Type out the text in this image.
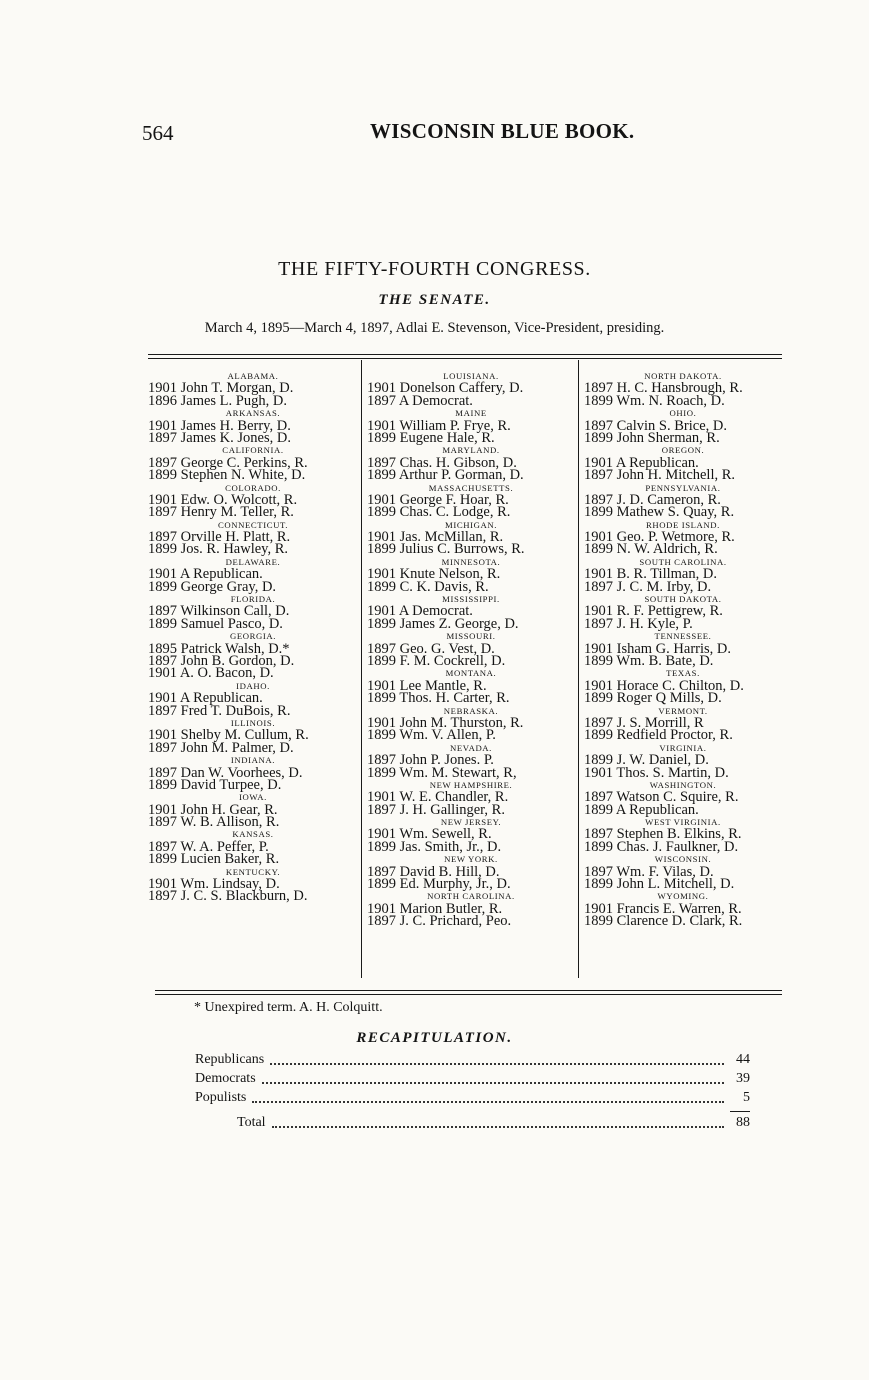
564	WISCONSIN BLUE BOOK.
THE FIFTY-FOURTH CONGRESS.
THE SENATE.
March 4, 1895—March 4, 1897, Adlai E. Stevenson, Vice-President, presiding.
ALABAMA.
1901 John T. Morgan, D.
1896 James L. Pugh, D.
ARKANSAS.
1901 James H. Berry, D.
1897 James K. Jones, D.
CALIFORNIA.
1897 George C. Perkins, R.
1899 Stephen N. White, D.
COLORADO.
1901 Edw. O. Wolcott, R.
1897 Henry M. Teller, R.
CONNECTICUT.
1897 Orville H. Platt, R.
1899 Jos. R. Hawley, R.
DELAWARE.
1901 A Republican.
1899 George Gray, D.
FLORIDA.
1897 Wilkinson Call, D.
1899 Samuel Pasco, D.
GEORGIA.
1895 Patrick Walsh, D.*
1897 John B. Gordon, D.
1901 A. O. Bacon, D.
IDAHO.
1901 A Republican.
1897 Fred T. DuBois, R.
ILLINOIS.
1901 Shelby M. Cullum, R.
1897 John M. Palmer, D.
INDIANA.
1897 Dan W. Voorhees, D.
1899 David Turpee, D.
IOWA.
1901 John H. Gear, R.
1897 W. B. Allison, R.
KANSAS.
1897 W. A. Peffer, P.
1899 Lucien Baker, R.
KENTUCKY.
1901 Wm. Lindsay, D.
1897 J. C. S. Blackburn, D.
LOUISIANA.
1901 Donelson Caffery, D.
1897 A Democrat.
MAINE
1901 William P. Frye, R.
1899 Eugene Hale, R.
MARYLAND.
1897 Chas. H. Gibson, D.
1899 Arthur P. Gorman, D.
MASSACHUSETTS.
1901 George F. Hoar, R.
1899 Chas. C. Lodge, R.
MICHIGAN.
1901 Jas. McMillan, R.
1899 Julius C. Burrows, R.
MINNESOTA.
1901 Knute Nelson, R.
1899 C. K. Davis, R.
MISSISSIPPI.
1901 A Democrat.
1899 James Z. George, D.
MISSOURI.
1897 Geo. G. Vest, D.
1899 F. M. Cockrell, D.
MONTANA.
1901 Lee Mantle, R.
1899 Thos. H. Carter, R.
NEBRASKA.
1901 John M. Thurston, R.
1899 Wm. V. Allen, P.
NEVADA.
1897 John P. Jones. P.
1899 Wm. M. Stewart, R,
NEW HAMPSHIRE.
1901 W. E. Chandler, R.
1897 J. H. Gallinger, R.
NEW JERSEY.
1901 Wm. Sewell, R.
1899 Jas. Smith, Jr., D.
NEW YORK.
1897 David B. Hill, D.
1899 Ed. Murphy, Jr., D.
NORTH CAROLINA.
1901 Marion Butler, R.
1897 J. C. Prichard, Peo.
NORTH DAKOTA.
1897 H. C. Hansbrough, R.
1899 Wm. N. Roach, D.
OHIO.
1897 Calvin S. Brice, D.
1899 John Sherman, R.
OREGON.
1901 A Republican.
1897 John H. Mitchell, R.
PENNSYLVANIA.
1897 J. D. Cameron, R.
1899 Mathew S. Quay, R.
RHODE ISLAND.
1901 Geo. P. Wetmore, R.
1899 N. W. Aldrich, R.
SOUTH CAROLINA.
1901 B. R. Tillman, D.
1897 J. C. M. Irby, D.
SOUTH DAKOTA.
1901 R. F. Pettigrew, R.
1897 J. H. Kyle, P.
TENNESSEE.
1901 Isham G. Harris, D.
1899 Wm. B. Bate, D.
TEXAS.
1901 Horace C. Chilton, D.
1899 Roger Q Mills, D.
VERMONT.
1897 J. S. Morrill, R
1899 Redfield Proctor, R.
VIRGINIA.
1899 J. W. Daniel, D.
1901 Thos. S. Martin, D.
WASHINGTON.
1897 Watson C. Squire, R.
1899 A Republican.
WEST VIRGINIA.
1897 Stephen B. Elkins, R.
1899 Chas. J. Faulkner, D.
WISCONSIN.
1897 Wm. F. Vilas, D.
1899 John L. Mitchell, D.
WYOMING.
1901 Francis E. Warren, R.
1899 Clarence D. Clark, R.
* Unexpired term. A. H. Colquitt.
RECAPITULATION.
Republicans	44
Democrats	39
Populists	5
Total	88
